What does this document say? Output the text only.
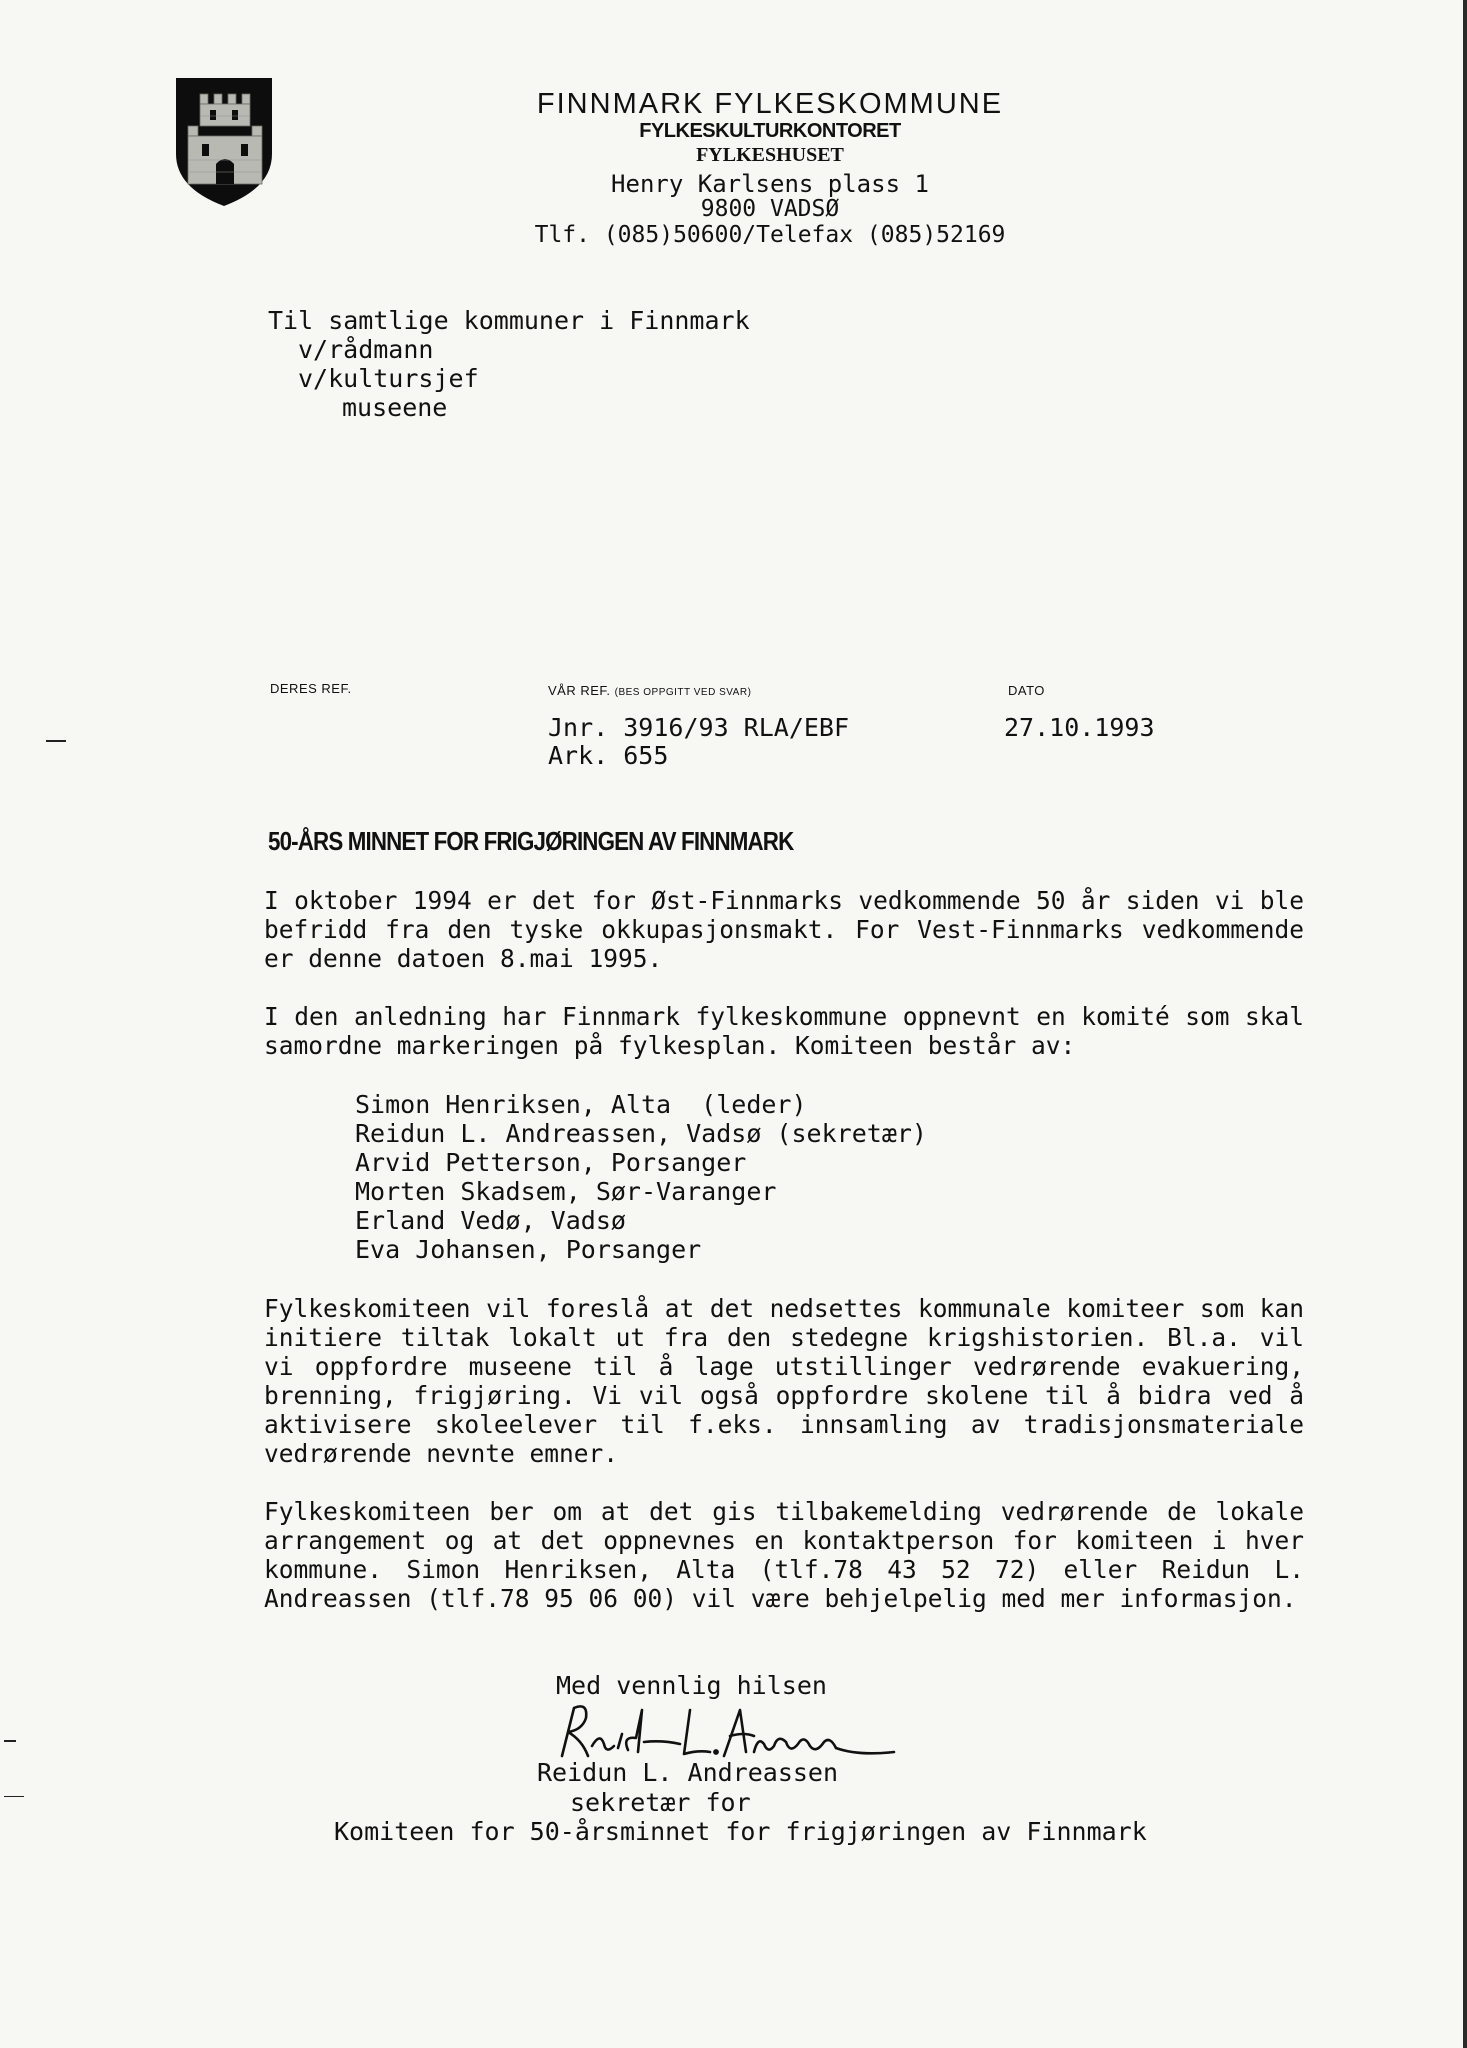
FINNMARK FYLKESKOMMUNE
FYLKESKULTURKONTORET
FYLKESHUSET
Henry Karlsens plass 1
9800 VADSØ
Tlf. (085)50600/Telefax (085)52169
Til samtlige kommuner i Finnmark
v/rådmann
v/kultursjef
museene
DERES REF.	VÅR REF. (BES OPPGITT VED SVAR)	DATO
Jnr. 3916/93 RLA/EBF
Ark. 655
27.10.1993
50-ÅRS MINNET FOR FRIGJØRINGEN AV FINNMARK
I oktober 1994 er det for Øst-Finnmarks vedkommende 50 år siden vi ble befridd fra den tyske okkupasjonsmakt. For Vest-Finnmarks vedkommende er denne datoen 8.mai 1995.
I den anledning har Finnmark fylkeskommune oppnevnt en komité som skal samordne markeringen på fylkesplan. Komiteen består av:
Simon Henriksen, Alta  (leder)
Reidun L. Andreassen, Vadsø (sekretær)
Arvid Petterson, Porsanger
Morten Skadsem, Sør-Varanger
Erland Vedø, Vadsø
Eva Johansen, Porsanger
Fylkeskomiteen vil foreslå at det nedsettes kommunale komiteer som kan initiere tiltak lokalt ut fra den stedegne krigshistorien. Bl.a. vil vi oppfordre museene til å lage utstillinger vedrørende evakuering, brenning, frigjøring. Vi vil også oppfordre skolene til å bidra ved å aktivisere skoleelever til f.eks. innsamling av tradisjonsmateriale vedrørende nevnte emner.
Fylkeskomiteen ber om at det gis tilbakemelding vedrørende de lokale arrangement og at det oppnevnes en kontaktperson for komiteen i hver kommune. Simon Henriksen, Alta (tlf.78 43 52 72) eller Reidun L. Andreassen (tlf.78 95 06 00) vil være behjelpelig med mer informasjon.
Med vennlig hilsen
Reidun L. Andreassen
sekretær for
Komiteen for 50-årsminnet for frigjøringen av Finnmark
